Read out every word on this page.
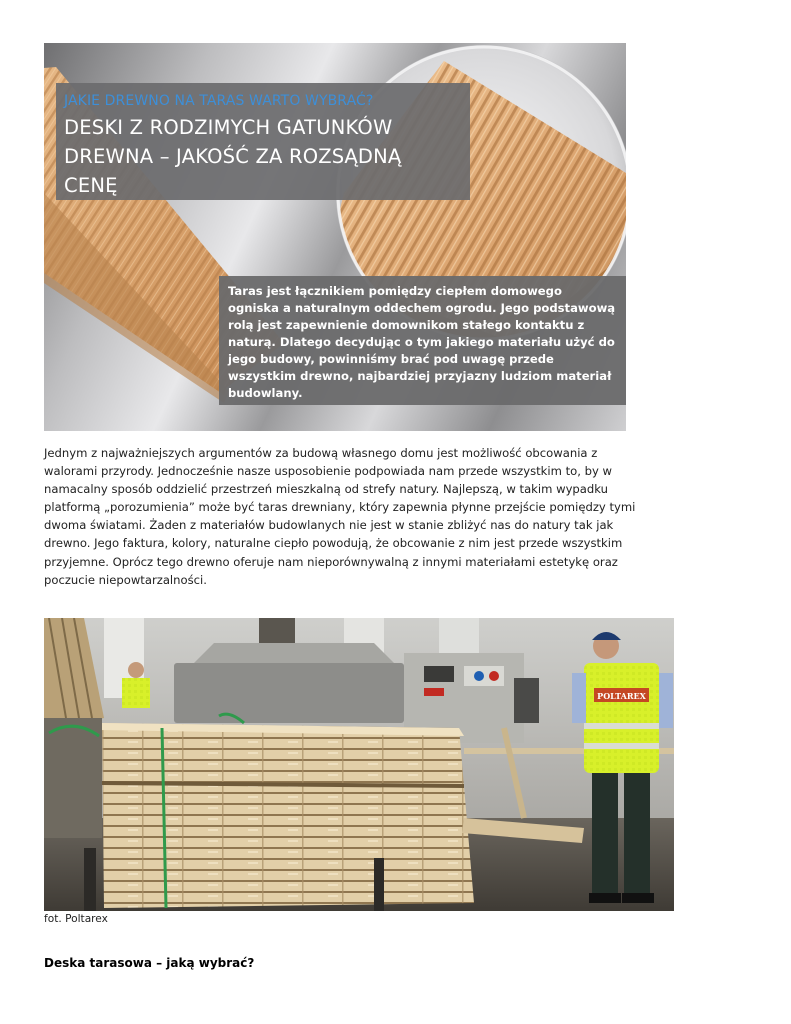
JAKIE DREWNO NA TARAS WARTO WYBRAĆ?
DESKI Z RODZIMYCH GATUNKÓW DREWNA – JAKOŚĆ ZA ROZSĄDNĄ CENĘ
Taras jest łącznikiem pomiędzy ciepłem domowego ogniska a naturalnym oddechem ogrodu. Jego podstawową rolą jest zapewnienie domownikom stałego kontaktu z naturą. Dlatego decydując o tym jakiego materiału użyć do jego budowy, powinniśmy brać pod uwagę przede wszystkim drewno, najbardziej przyjazny ludziom materiał budowlany.

Jednym z najważniejszych argumentów za budową własnego domu jest możliwość obcowania z walorami przyrody. Jednocześnie nasze usposobienie podpowiada nam przede wszystkim to, by w namacalny sposób oddzielić przestrzeń mieszkalną od strefy natury. Najlepszą, w takim wypadku platformą „porozumienia” może być taras drewniany, który zapewnia płynne przejście pomiędzy tymi dwoma światami. Żaden z materiałów budowlanych nie jest w stanie zbliżyć nas do natury tak jak drewno. Jego faktura, kolory, naturalne ciepło powodują, że obcowanie z nim jest przede wszystkim przyjemne. Oprócz tego drewno oferuje nam nieporównywalną z innymi materiałami estetykę oraz poczucie niepowtarzalności.

POLTAREX
fot. Poltarex
Deska tarasowa – jaką wybrać?
